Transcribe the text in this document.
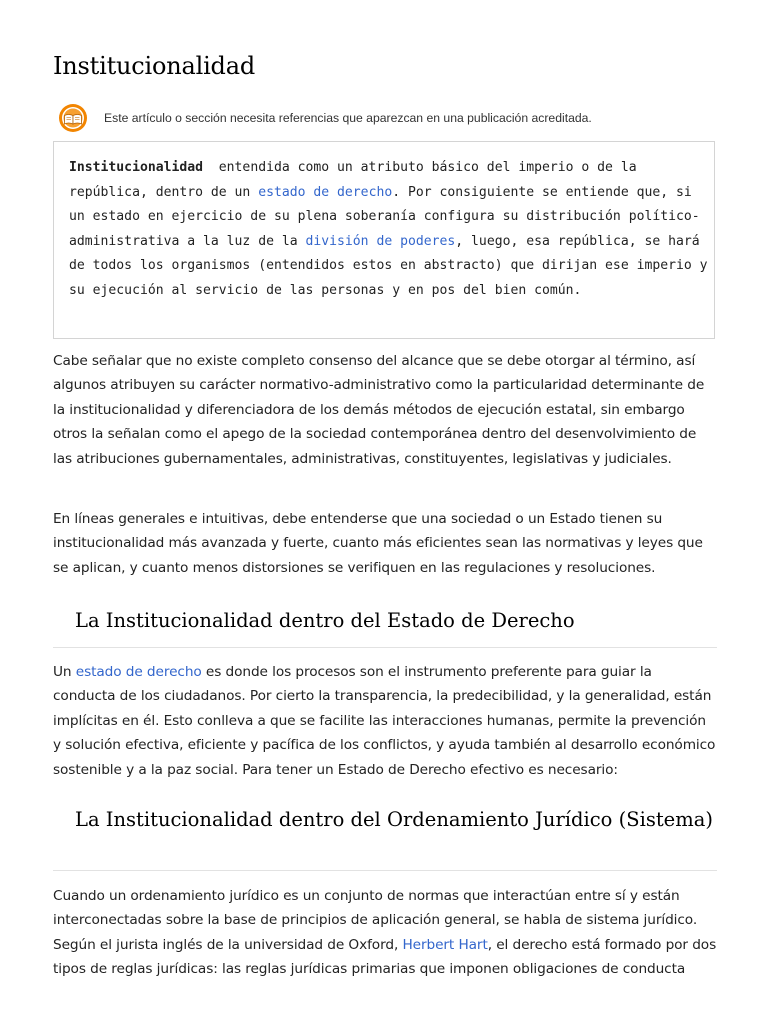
Institucionalidad
Este artículo o sección necesita referencias que aparezcan en una publicación acreditada.

Institucionalidad  entendida como un atributo básico del imperio o de la república, dentro de un estado de derecho. Por consiguiente se entiende que, si un estado en ejercicio de su plena soberanía configura su distribución político-administrativa a la luz de la división de poderes, luego, esa república, se hará de todos los organismos (entendidos estos en abstracto) que dirijan ese imperio y su ejecución al servicio de las personas y en pos del bien común.

Cabe señalar que no existe completo consenso del alcance que se debe otorgar al término, así algunos atribuyen su carácter normativo-administrativo como la particularidad determinante de la institucionalidad y diferenciadora de los demás métodos de ejecución estatal, sin embargo otros la señalan como el apego de la sociedad contemporánea dentro del desenvolvimiento de las atribuciones gubernamentales, administrativas, constituyentes, legislativas y judiciales.

En líneas generales e intuitivas, debe entenderse que una sociedad o un Estado tienen su institucionalidad más avanzada y fuerte, cuanto más eficientes sean las normativas y leyes que se aplican, y cuanto menos distorsiones se verifiquen en las regulaciones y resoluciones.

La Institucionalidad dentro del Estado de Derecho

Un estado de derecho es donde los procesos son el instrumento preferente para guiar la conducta de los ciudadanos. Por cierto la transparencia, la predecibilidad, y la generalidad, están implícitas en él. Esto conlleva a que se facilite las interacciones humanas, permite la prevención y solución efectiva, eficiente y pacífica de los conflictos, y ayuda también al desarrollo económico sostenible y a la paz social. Para tener un Estado de Derecho efectivo es necesario:

La Institucionalidad dentro del Ordenamiento Jurídico (Sistema)

Cuando un ordenamiento jurídico es un conjunto de normas que interactúan entre sí y están interconectadas sobre la base de principios de aplicación general, se habla de sistema jurídico. Según el jurista inglés de la universidad de Oxford, Herbert Hart, el derecho está formado por dos tipos de reglas jurídicas: las reglas jurídicas primarias que imponen obligaciones de conducta
